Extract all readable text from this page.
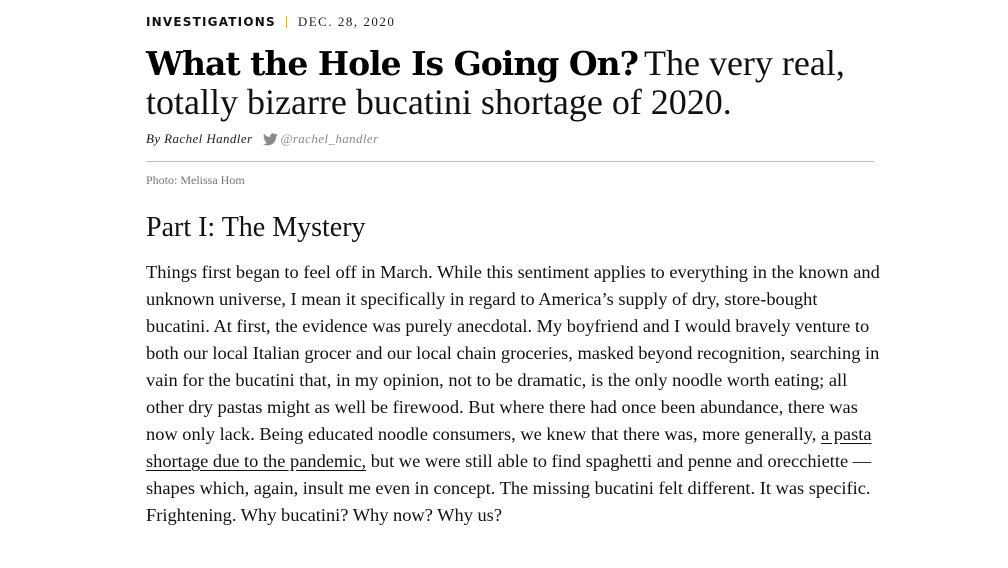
INVESTIGATIONS DEC. 28, 2020
What the Hole Is Going On? The very real, totally bizarre bucatini shortage of 2020.
By
Rachel Handler @rachel_handler
Photo: Melissa Hom
Part I: The Mystery

Things first began to feel off in March. While this sentiment applies to everything in the known and unknown universe, I mean it specifically in regard to America’s supply of dry, store-bought bucatini. At first, the evidence was purely anecdotal. My boyfriend and I would bravely venture to both our local Italian grocer and our local chain groceries, masked beyond recognition, searching in vain for the bucatini that, in my opinion, not to be dramatic, is the only noodle worth eating; all other dry pastas might as well be firewood. But where there had once been abundance, there was now only lack. Being educated noodle consumers, we knew that there was, more generally, a pasta shortage due to the pandemic, but we were still able to find spaghetti and penne and orecchiette — shapes which, again, insult me even in concept. The missing bucatini felt different. It was specific. Frightening. Why bucatini? Why now? Why us?
